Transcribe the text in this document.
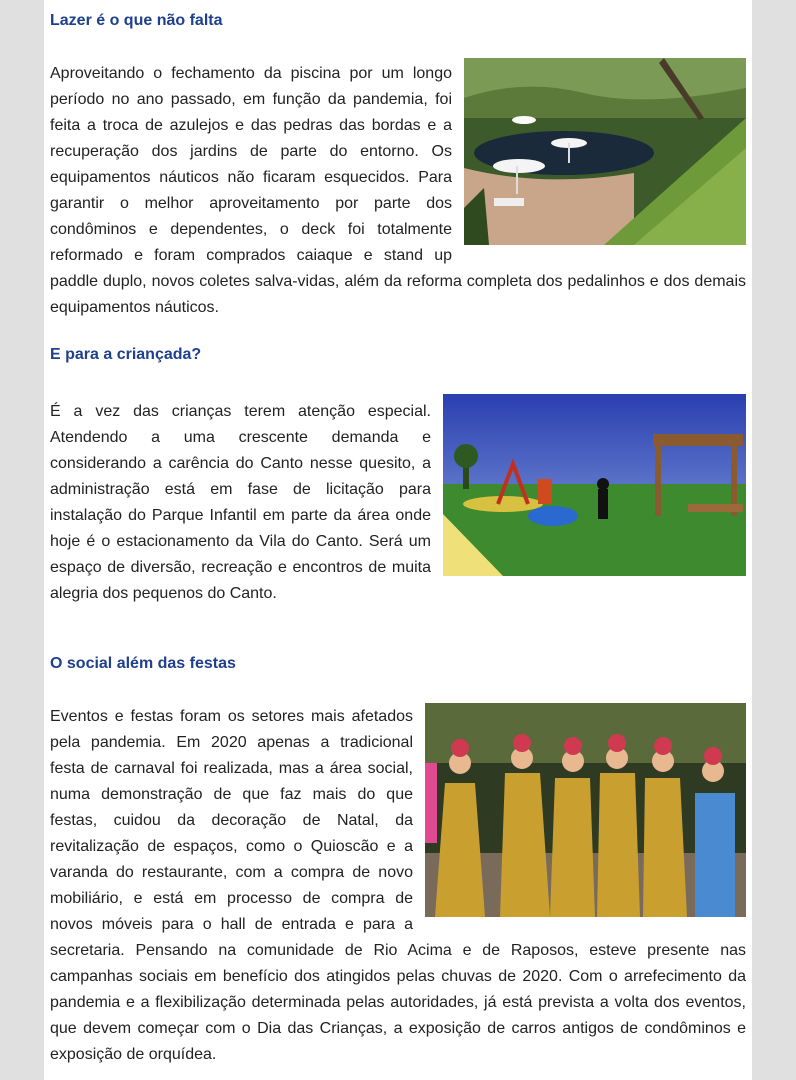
Lazer é o que não falta

Aproveitando o fechamento da piscina por um longo período no ano passado, em função da pandemia, foi feita a troca de azulejos e das pedras das bordas e a recuperação dos jardins de parte do entorno. Os equipamentos náuticos não ficaram esquecidos. Para garantir o melhor aproveitamento por parte dos condôminos e dependentes, o deck foi totalmente reformado e foram comprados caiaque e stand up paddle duplo, novos coletes salva-vidas, além da reforma completa dos pedalinhos e dos demais equipamentos náuticos.

E para a criançada?

É a vez das crianças terem atenção especial. Atendendo a uma crescente demanda e considerando a carência do Canto nesse quesito, a administração está em fase de licitação para instalação do Parque Infantil em parte da área onde hoje é o estacionamento da Vila do Canto. Será um espaço de diversão, recreação e encontros de muita alegria dos pequenos do Canto.

O social além das festas

Eventos e festas foram os setores mais afetados pela pandemia. Em 2020 apenas a tradicional festa de carnaval foi realizada, mas a área social, numa demonstração de que faz mais do que festas, cuidou da decoração de Natal, da revitalização de espaços, como o Quioscão e a varanda do restaurante, com a compra de novo mobiliário, e está em processo de compra de novos móveis para o hall de entrada e para a secretaria. Pensando na comunidade de Rio Acima e de Raposos, esteve presente nas campanhas sociais em benefício dos atingidos pelas chuvas de 2020. Com o arrefecimento da pandemia e a flexibilização determinada pelas autoridades, já está prevista a volta dos eventos, que devem começar com o Dia das Crianças, a exposição de carros antigos de condôminos e exposição de orquídea.
